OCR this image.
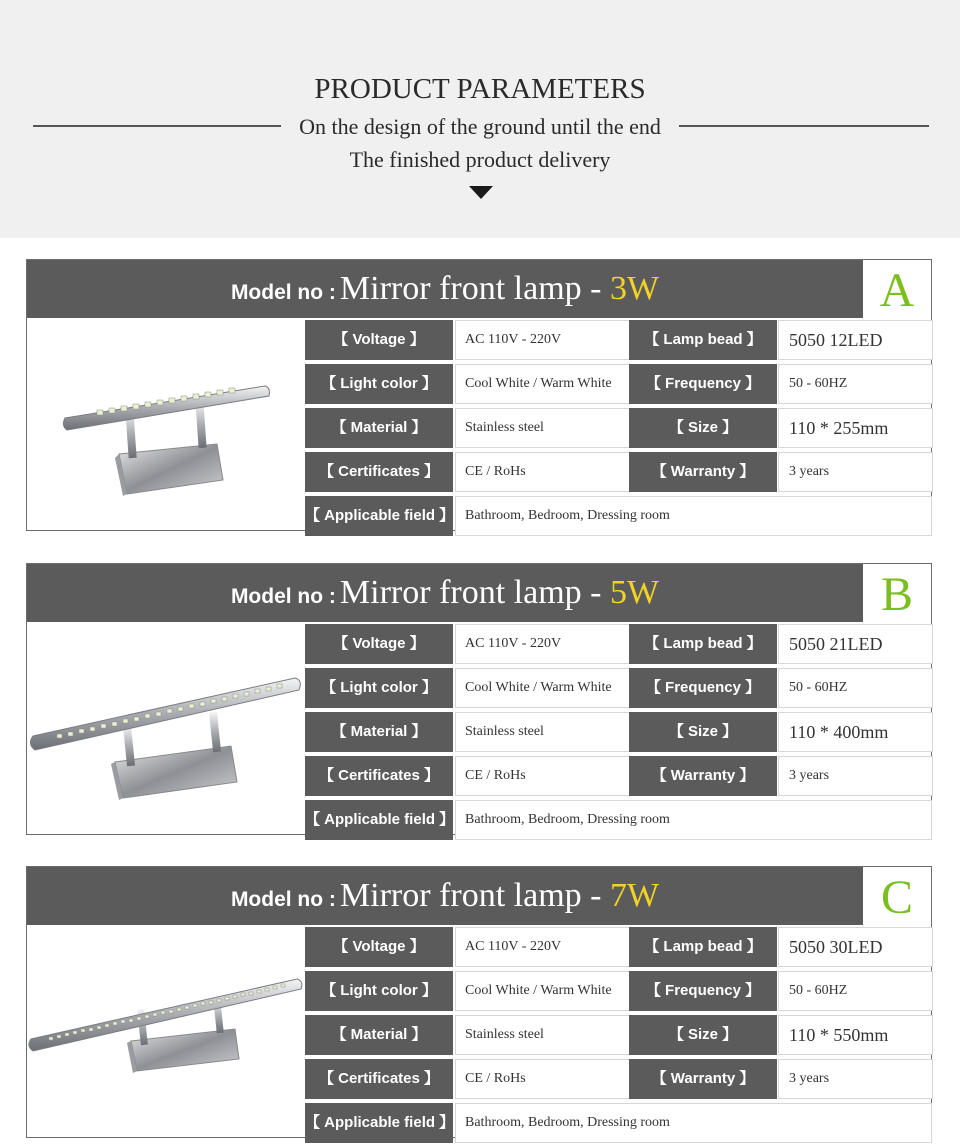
PRODUCT PARAMETERS
On the design of the ground until the end
The finished product delivery
Model no : Mirror front lamp - 3W	A
【 Voltage 】	AC 110V - 220V	【 Lamp bead 】	5050 12LED
【 Light color 】	Cool White / Warm White	【 Frequency 】	50 - 60HZ
【 Material 】	Stainless steel	【 Size 】	110 * 255mm
【 Certificates 】	CE / RoHs	【 Warranty 】	3 years
【 Applicable field 】 Bathroom, Bedroom, Dressing room
Model no : Mirror front lamp - 5W	B
【 Voltage 】	AC 110V - 220V	【 Lamp bead 】	5050 21LED
【 Light color 】	Cool White / Warm White	【 Frequency 】	50 - 60HZ
【 Material 】	Stainless steel	【 Size 】	110 * 400mm
【 Certificates 】	CE / RoHs	【 Warranty 】	3 years
【 Applicable field 】 Bathroom, Bedroom, Dressing room
Model no : Mirror front lamp - 7W	C
【 Voltage 】	AC 110V - 220V	【 Lamp bead 】	5050 30LED
【 Light color 】	Cool White / Warm White	【 Frequency 】	50 - 60HZ
【 Material 】	Stainless steel	【 Size 】	110 * 550mm
【 Certificates 】	CE / RoHs	【 Warranty 】	3 years
【 Applicable field 】 Bathroom, Bedroom, Dressing room
